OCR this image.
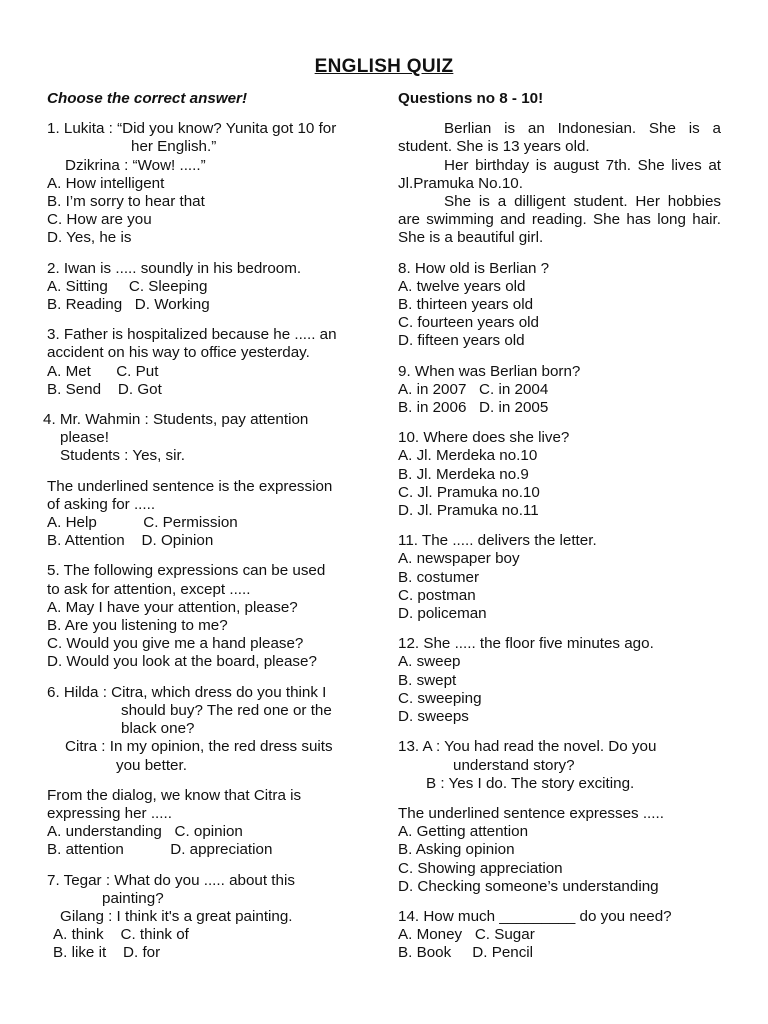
ENGLISH QUIZ
Choose the correct answer!
1. Lukita : “Did you know? Yunita got 10 for
her English.”
Dzikrina : “Wow! .....”
A. How intelligent
B. I’m sorry to hear that
C. How are you
D. Yes, he is
2. Iwan is ..... soundly in his bedroom.
A. Sitting     C. Sleeping
B. Reading   D. Working
3. Father is hospitalized because he ..... an
accident on his way to office yesterday.
A. Met      C. Put
B. Send    D. Got
4. Mr. Wahmin : Students, pay attention
please!
Students : Yes, sir.
The underlined sentence is the expression
of asking for .....
A. Help           C. Permission
B. Attention    D. Opinion
5. The following expressions can be used
to ask for attention, except .....
A. May I have your attention, please?
B. Are you listening to me?
C. Would you give me a hand please?
D. Would you look at the board, please?
6. Hilda : Citra, which dress do you think I
should buy? The red one or the
black one?
Citra : In my opinion, the red dress suits
you better.
From the dialog, we know that Citra is
expressing her .....
A. understanding   C. opinion
B. attention           D. appreciation
7. Tegar : What do you ..... about this
painting?
Gilang : I think it's a great painting.
A. think    C. think of
B. like it    D. for
Questions no 8 - 10!

Berlian is an Indonesian. She is a student. She is 13 years old.

Her birthday is august 7th. She lives at Jl.Pramuka No.10.

She is a dilligent student. Her hobbies are swimming and reading. She has long hair. She is a beautiful girl.

8. How old is Berlian ?
A. twelve years old
B. thirteen years old
C. fourteen years old
D. fifteen years old
9. When was Berlian born?
A. in 2007   C. in 2004
B. in 2006   D. in 2005
10. Where does she live?
A. Jl. Merdeka no.10
B. Jl. Merdeka no.9
C. Jl. Pramuka no.10
D. Jl. Pramuka no.11
11. The ..... delivers the letter.
A. newspaper boy
B. costumer
C. postman
D. policeman
12. She ..... the floor five minutes ago.
A. sweep
B. swept
C. sweeping
D. sweeps
13. A : You had read the novel. Do you
understand story?
B : Yes I do. The story exciting.
The underlined sentence expresses .....
A. Getting attention
B. Asking opinion
C. Showing appreciation
D. Checking someone’s understanding
14. How much _________ do you need?
A. Money   C. Sugar
B. Book     D. Pencil
